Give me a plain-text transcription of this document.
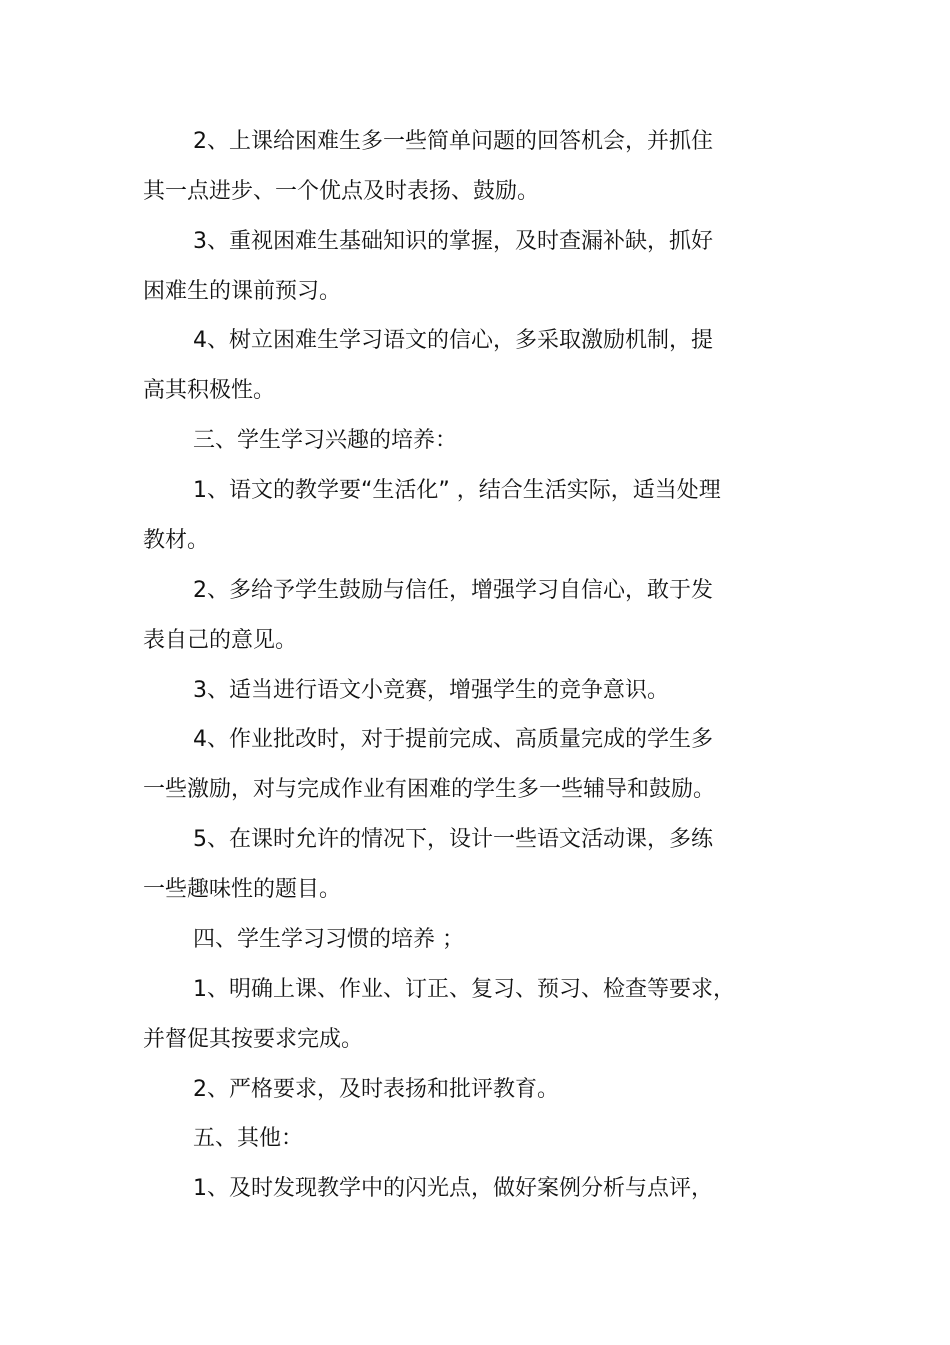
2、上课给困难生多一些简单问题的回答机会，并抓住

其一点进步、一个优点及时表扬、鼓励。

3、重视困难生基础知识的掌握，及时查漏补缺，抓好

困难生的课前预习。

4、树立困难生学习语文的信心，多采取激励机制，提

高其积极性。

三、学生学习兴趣的培养：

1、语文的教学要“生活化” ，结合生活实际，适当处理

教材。

2、多给予学生鼓励与信任，增强学习自信心，敢于发

表自己的意见。

3、适当进行语文小竞赛，增强学生的竞争意识。

4、作业批改时，对于提前完成、高质量完成的学生多

一些激励，对与完成作业有困难的学生多一些辅导和鼓励。

5、在课时允许的情况下，设计一些语文活动课，多练

一些趣味性的题目。

四、学生学习习惯的培养 ；

1、明确上课、作业、订正、复习、预习、检查等要求，

并督促其按要求完成。

2、严格要求，及时表扬和批评教育。

五、其他：

1、及时发现教学中的闪光点，做好案例分析与点评，
